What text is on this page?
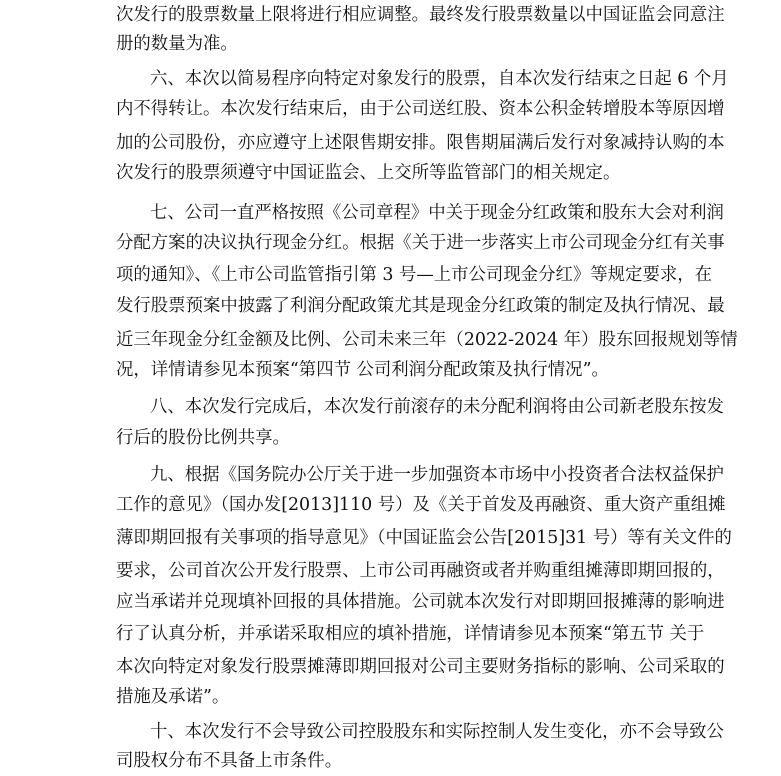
次发行的股票数量上限将进行相应调整。最终发行股票数量以中国证监会同意注
册的数量为准。
六、本次以简易程序向特定对象发行的股票，自本次发行结束之日起 6 个月
内不得转让。本次发行结束后，由于公司送红股、资本公积金转增股本等原因增
加的公司股份，亦应遵守上述限售期安排。限售期届满后发行对象减持认购的本
次发行的股票须遵守中国证监会、上交所等监管部门的相关规定。
七、公司一直严格按照《公司章程》中关于现金分红政策和股东大会对利润
分配方案的决议执行现金分红。根据《关于进一步落实上市公司现金分红有关事
项的通知》、《上市公司监管指引第 3 号—上市公司现金分红》等规定要求，在
发行股票预案中披露了利润分配政策尤其是现金分红政策的制定及执行情况、最
近三年现金分红金额及比例、公司未来三年（2022-2024 年）股东回报规划等情
况，详情请参见本预案“第四节 公司利润分配政策及执行情况”。
八、本次发行完成后，本次发行前滚存的未分配利润将由公司新老股东按发
行后的股份比例共享。
九、根据《国务院办公厅关于进一步加强资本市场中小投资者合法权益保护
工作的意见》（国办发[2013]110 号）及《关于首发及再融资、重大资产重组摊
薄即期回报有关事项的指导意见》（中国证监会公告[2015]31 号）等有关文件的
要求，公司首次公开发行股票、上市公司再融资或者并购重组摊薄即期回报的，
应当承诺并兑现填补回报的具体措施。公司就本次发行对即期回报摊薄的影响进
行了认真分析，并承诺采取相应的填补措施，详情请参见本预案“第五节 关于
本次向特定对象发行股票摊薄即期回报对公司主要财务指标的影响、公司采取的
措施及承诺”。
十、本次发行不会导致公司控股股东和实际控制人发生变化，亦不会导致公
司股权分布不具备上市条件。
